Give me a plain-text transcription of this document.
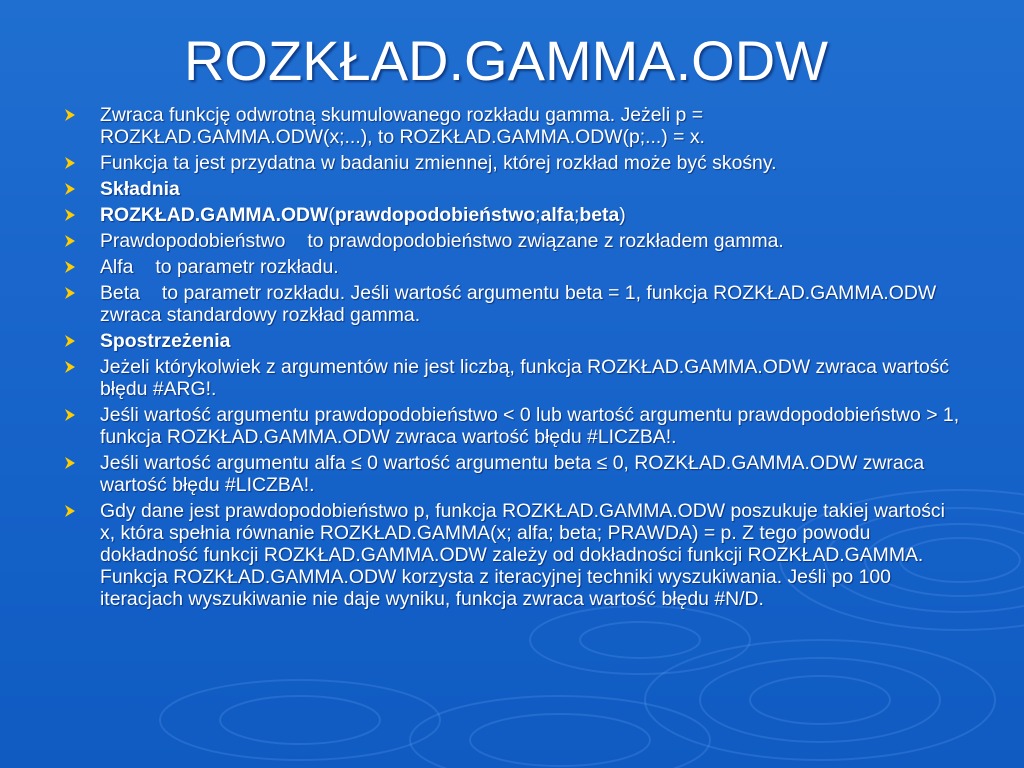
ROZKŁAD.GAMMA.ODW
Zwraca funkcję odwrotną skumulowanego rozkładu gamma. Jeżeli p = ROZKŁAD.GAMMA.ODW(x;...), to ROZKŁAD.GAMMA.ODW(p;...) = x.
Funkcja ta jest przydatna w badaniu zmiennej, której rozkład może być skośny.
Składnia
ROZKŁAD.GAMMA.ODW(prawdopodobieństwo;alfa;beta)
Prawdopodobieństwo to prawdopodobieństwo związane z rozkładem gamma.
Alfa to parametr rozkładu.
Beta to parametr rozkładu. Jeśli wartość argumentu beta = 1, funkcja ROZKŁAD.GAMMA.ODW zwraca standardowy rozkład gamma.
Spostrzeżenia
Jeżeli którykolwiek z argumentów nie jest liczbą, funkcja ROZKŁAD.GAMMA.ODW zwraca wartość błędu #ARG!.
Jeśli wartość argumentu prawdopodobieństwo < 0 lub wartość argumentu prawdopodobieństwo > 1, funkcja ROZKŁAD.GAMMA.ODW zwraca wartość błędu #LICZBA!.
Jeśli wartość argumentu alfa ≤ 0 wartość argumentu beta ≤ 0, ROZKŁAD.GAMMA.ODW zwraca wartość błędu #LICZBA!.
Gdy dane jest prawdopodobieństwo p, funkcja ROZKŁAD.GAMMA.ODW poszukuje takiej wartości x, która spełnia równanie ROZKŁAD.GAMMA(x; alfa; beta; PRAWDA) = p. Z tego powodu dokładność funkcji ROZKŁAD.GAMMA.ODW zależy od dokładności funkcji ROZKŁAD.GAMMA. Funkcja ROZKŁAD.GAMMA.ODW korzysta z iteracyjnej techniki wyszukiwania. Jeśli po 100 iteracjach wyszukiwanie nie daje wyniku, funkcja zwraca wartość błędu #N/D.
